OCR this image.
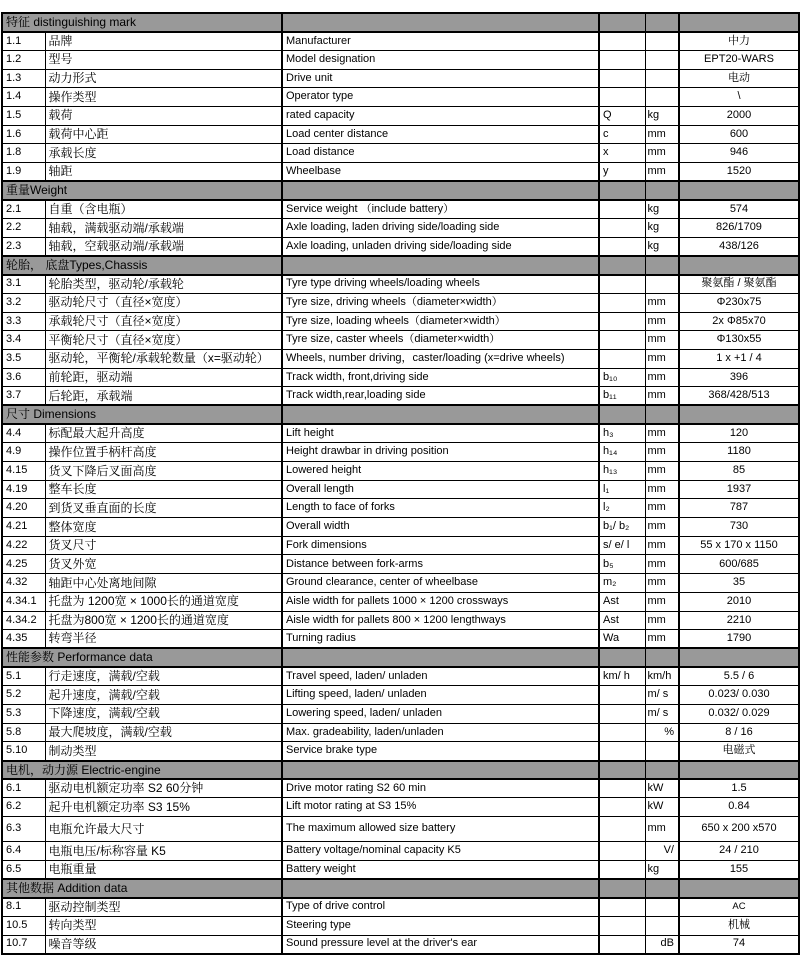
特征 distinguishing mark					
1.1	品牌	Manufacturer			中力
1.2	型号	Model designation			EPT20-WARS
1.3	动力形式	Drive unit			电动
1.4	操作类型	Operator type			\
1.5	载荷	rated capacity	Q	kg	2000
1.6	载荷中心距	Load center distance	c	mm	600
1.8	承载长度	Load distance	x	mm	946
1.9	轴距	Wheelbase	y	mm	1520
重量Weight					
2.1	自重（含电瓶）	Service weight （include battery）		kg	574
2.2	轴载，满载驱动端/承载端	Axle loading, laden driving side/loading side		kg	826/1709
2.3	轴载，空载驱动端/承载端	Axle loading, unladen driving side/loading side		kg	438/126
轮胎， 底盘Types,Chassis					
3.1	轮胎类型，驱动轮/承载轮	Tyre type driving wheels/loading wheels			聚氨酯 / 聚氨酯
3.2	驱动轮尺寸（直径×宽度）	Tyre size, driving wheels（diameter×width）		mm	Φ230x75
3.3	承载轮尺寸（直径×宽度）	Tyre size, loading wheels（diameter×width）		mm	2x Φ85x70
3.4	平衡轮尺寸（直径×宽度）	Tyre size, caster wheels（diameter×width）		mm	Φ130x55
3.5	驱动轮，平衡轮/承载轮数量（x=驱动轮）	Wheels, number driving，caster/loading (x=drive wheels)		mm	1 x +1 / 4
3.6	前轮距，驱动端	Track width, front,driving side	b₁₀	mm	396
3.7	后轮距，承载端	Track width,rear,loading side	b₁₁	mm	368/428/513
尺寸 Dimensions					
4.4	标配最大起升高度	Lift height	h₃	mm	120
4.9	操作位置手柄杆高度	Height drawbar in driving position	h₁₄	mm	1180
4.15	货叉下降后叉面高度	Lowered height	h₁₃	mm	85
4.19	整车长度	Overall length	l₁	mm	1937
4.20	到货叉垂直面的长度	Length to face of forks	l₂	mm	787
4.21	整体宽度	Overall width	b₁/ b₂	mm	730
4.22	货叉尺寸	Fork dimensions	s/ e/ l	mm	55 x 170 x 1150
4.25	货叉外宽	Distance between fork-arms	b₅	mm	600/685
4.32	轴距中心处离地间隙	Ground clearance, center of wheelbase	m₂	mm	35
4.34.1	托盘为 1200宽 × 1000长的通道宽度	Aisle width for pallets 1000 × 1200 crossways	Ast	mm	2010
4.34.2	托盘为800宽 × 1200长的通道宽度	Aisle width for pallets 800 × 1200 lengthways	Ast	mm	2210
4.35	转弯半径	Turning radius	Wa	mm	1790
性能参数 Performance data					
5.1	行走速度，满载/空载	Travel speed, laden/ unladen	km/ h	km/h	5.5 / 6
5.2	起升速度，满载/空载	Lifting speed, laden/ unladen		m/ s	0.023/ 0.030
5.3	下降速度，满载/空载	Lowering speed, laden/ unladen		m/ s	0.032/ 0.029
5.8	最大爬坡度，满载/空载	Max. gradeability, laden/unladen		%	8 / 16
5.10	制动类型	Service brake type			电磁式
电机，动力源 Electric-engine					
6.1	驱动电机额定功率 S2 60分钟	Drive motor rating S2 60 min		kW	1.5
6.2	起升电机额定功率 S3 15%	Lift motor rating at S3 15%		kW	0.84
6.3	电瓶允许最大尺寸	The maximum allowed size battery		mm	650 x 200 x570
6.4	电瓶电压/标称容量 K5	Battery voltage/nominal capacity K5		V/	24 / 210
6.5	电瓶重量	Battery weight		kg	155
其他数据 Addition data					
8.1	驱动控制类型	Type of drive control			AC
10.5	转向类型	Steering type			机械
10.7	噪音等级	Sound pressure level at the driver's ear		dB	74
